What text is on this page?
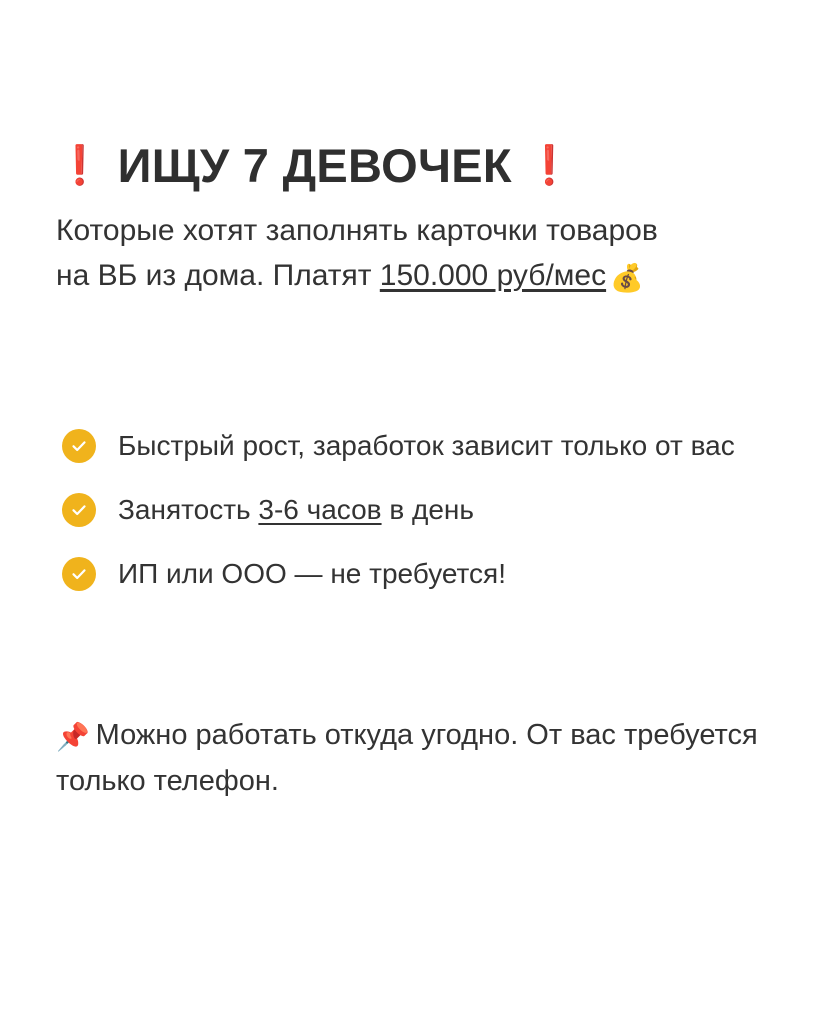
❗ ИЩУ 7 ДЕВОЧЕК ❗

Которые хотят заполнять карточки товаров
на ВБ из дома. Платят 150.000 руб/мес 💰

Быстрый рост, заработок зависит только от вас
Занятость 3-6 часов в день
ИП или ООО — не требуется!

📌 Можно работать откуда угодно. От вас требуется только телефон.
